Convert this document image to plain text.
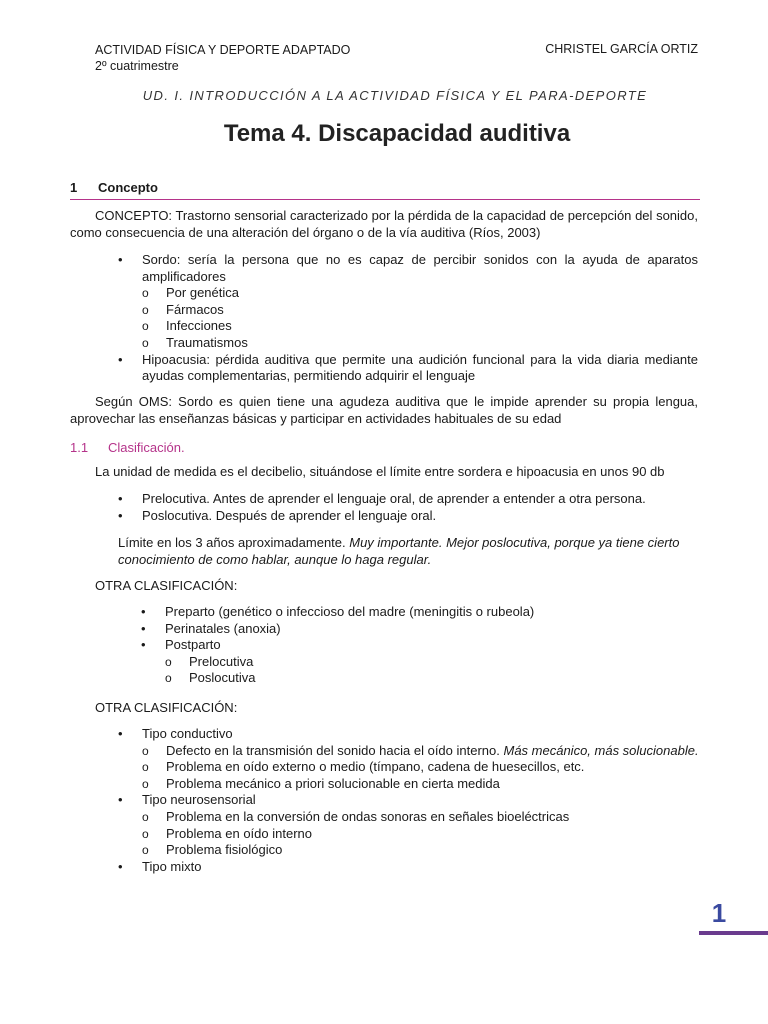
ACTIVIDAD FÍSICA Y DEPORTE ADAPTADO
2º cuatrimestre
CHRISTEL GARCÍA ORTIZ
UD. I. INTRODUCCIÓN A LA ACTIVIDAD FÍSICA Y EL PARA-DEPORTE
Tema 4. Discapacidad auditiva
1 Concepto
CONCEPTO: Trastorno sensorial caracterizado por la pérdida de la capacidad de percepción del sonido, como consecuencia de una alteración del órgano o de la vía auditiva (Ríos, 2003)
• Sordo: sería la persona que no es capaz de percibir sonidos con la ayuda de aparatos amplificadores
o Por genética
o Fármacos
o Infecciones
o Traumatismos
• Hipoacusia: pérdida auditiva que permite una audición funcional para la vida diaria mediante ayudas complementarias, permitiendo adquirir el lenguaje
Según OMS: Sordo es quien tiene una agudeza auditiva que le impide aprender su propia lengua, aprovechar las enseñanzas básicas y participar en actividades habituales de su edad
1.1 Clasificación.
La unidad de medida es el decibelio, situándose el límite entre sordera e hipoacusia en unos 90 db
• Prelocutiva. Antes de aprender el lenguaje oral, de aprender a entender a otra persona.
• Poslocutiva. Después de aprender el lenguaje oral.
Límite en los 3 años aproximadamente. Muy importante. Mejor poslocutiva, porque ya tiene cierto conocimiento de como hablar, aunque lo haga regular.
OTRA CLASIFICACIÓN:
• Preparto (genético o infeccioso del madre (meningitis o rubeola)
• Perinatales (anoxia)
• Postparto
o Prelocutiva
o Poslocutiva
OTRA CLASIFICACIÓN:
• Tipo conductivo
o Defecto en la transmisión del sonido hacia el oído interno. Más mecánico, más solucionable.
o Problema en oído externo o medio (tímpano, cadena de huesecillos, etc.
o Problema mecánico a priori solucionable en cierta medida
• Tipo neurosensorial
o Problema en la conversión de ondas sonoras en señales bioeléctricas
o Problema en oído interno
o Problema fisiológico
• Tipo mixto
1
